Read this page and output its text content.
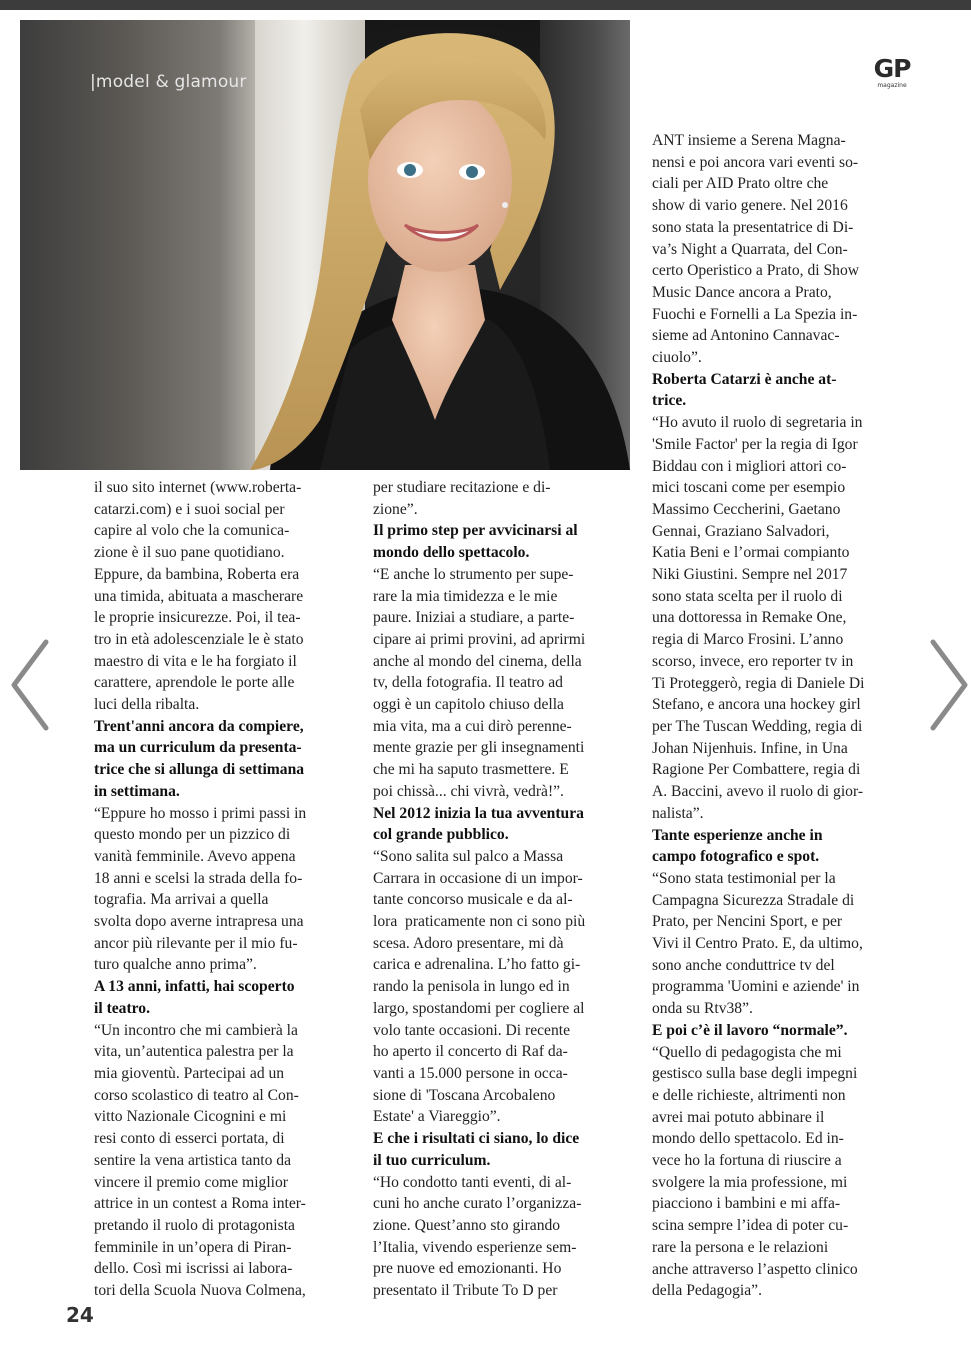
|model & glamour	GP
magazine
il suo sito internet (www.roberta-
catarzi.com) e i suoi social per
capire al volo che la comunica-
zione è il suo pane quotidiano.
Eppure, da bambina, Roberta era
una timida, abituata a mascherare
le proprie insicurezze. Poi, il tea-
tro in età adolescenziale le è stato
maestro di vita e le ha forgiato il
carattere, aprendole le porte alle
luci della ribalta.
Trent'anni ancora da compiere,
ma un curriculum da presenta-
trice che si allunga di settimana
in settimana.
“Eppure ho mosso i primi passi in
questo mondo per un pizzico di
vanità femminile. Avevo appena
18 anni e scelsi la strada della fo-
tografia. Ma arrivai a quella
svolta dopo averne intrapresa una
ancor più rilevante per il mio fu-
turo qualche anno prima”.
A 13 anni, infatti, hai scoperto
il teatro.
“Un incontro che mi cambierà la
vita, un’autentica palestra per la
mia gioventù. Partecipai ad un
corso scolastico di teatro al Con-
vitto Nazionale Cicognini e mi
resi conto di esserci portata, di
sentire la vena artistica tanto da
vincere il premio come miglior
attrice in un contest a Roma inter-
pretando il ruolo di protagonista
femminile in un’opera di Piran-
dello. Così mi iscrissi ai labora-
tori della Scuola Nuova Colmena,
per studiare recitazione e di-
zione”.
Il primo step per avvicinarsi al
mondo dello spettacolo.
“E anche lo strumento per supe-
rare la mia timidezza e le mie
paure. Iniziai a studiare, a parte-
cipare ai primi provini, ad aprirmi
anche al mondo del cinema, della
tv, della fotografia. Il teatro ad
oggi è un capitolo chiuso della
mia vita, ma a cui dirò perenne-
mente grazie per gli insegnamenti
che mi ha saputo trasmettere. E
poi chissà... chi vivrà, vedrà!”.
Nel 2012 inizia la tua avventura
col grande pubblico.
“Sono salita sul palco a Massa
Carrara in occasione di un impor-
tante concorso musicale e da al-
lora  praticamente non ci sono più
scesa. Adoro presentare, mi dà
carica e adrenalina. L’ho fatto gi-
rando la penisola in lungo ed in
largo, spostandomi per cogliere al
volo tante occasioni. Di recente
ho aperto il concerto di Raf da-
vanti a 15.000 persone in occa-
sione di 'Toscana Arcobaleno
Estate' a Viareggio”.
E che i risultati ci siano, lo dice
il tuo curriculum.
“Ho condotto tanti eventi, di al-
cuni ho anche curato l’organizza-
zione. Quest’anno sto girando
l’Italia, vivendo esperienze sem-
pre nuove ed emozionanti. Ho
presentato il Tribute To D per
ANT insieme a Serena Magna-
nensi e poi ancora vari eventi so-
ciali per AID Prato oltre che
show di vario genere. Nel 2016
sono stata la presentatrice di Di-
va’s Night a Quarrata, del Con-
certo Operistico a Prato, di Show
Music Dance ancora a Prato,
Fuochi e Fornelli a La Spezia in-
sieme ad Antonino Cannavac-
ciuolo”.
Roberta Catarzi è anche at-
trice.
“Ho avuto il ruolo di segretaria in
'Smile Factor' per la regia di Igor
Biddau con i migliori attori co-
mici toscani come per esempio
Massimo Ceccherini, Gaetano
Gennai, Graziano Salvadori,
Katia Beni e l’ormai compianto
Niki Giustini. Sempre nel 2017
sono stata scelta per il ruolo di
una dottoressa in Remake One,
regia di Marco Frosini. L’anno
scorso, invece, ero reporter tv in
Ti Proteggerò, regia di Daniele Di
Stefano, e ancora una hockey girl
per The Tuscan Wedding, regia di
Johan Nijenhuis. Infine, in Una
Ragione Per Combattere, regia di
A. Baccini, avevo il ruolo di gior-
nalista”.
Tante esperienze anche in
campo fotografico e spot.
“Sono stata testimonial per la
Campagna Sicurezza Stradale di
Prato, per Nencini Sport, e per
Vivi il Centro Prato. E, da ultimo,
sono anche conduttrice tv del
programma 'Uomini e aziende' in
onda su Rtv38”.
E poi c’è il lavoro “normale”.
“Quello di pedagogista che mi
gestisco sulla base degli impegni
e delle richieste, altrimenti non
avrei mai potuto abbinare il
mondo dello spettacolo. Ed in-
vece ho la fortuna di riuscire a
svolgere la mia professione, mi
piacciono i bambini e mi affa-
scina sempre l’idea di poter cu-
rare la persona e le relazioni
anche attraverso l’aspetto clinico
della Pedagogia”.
24
